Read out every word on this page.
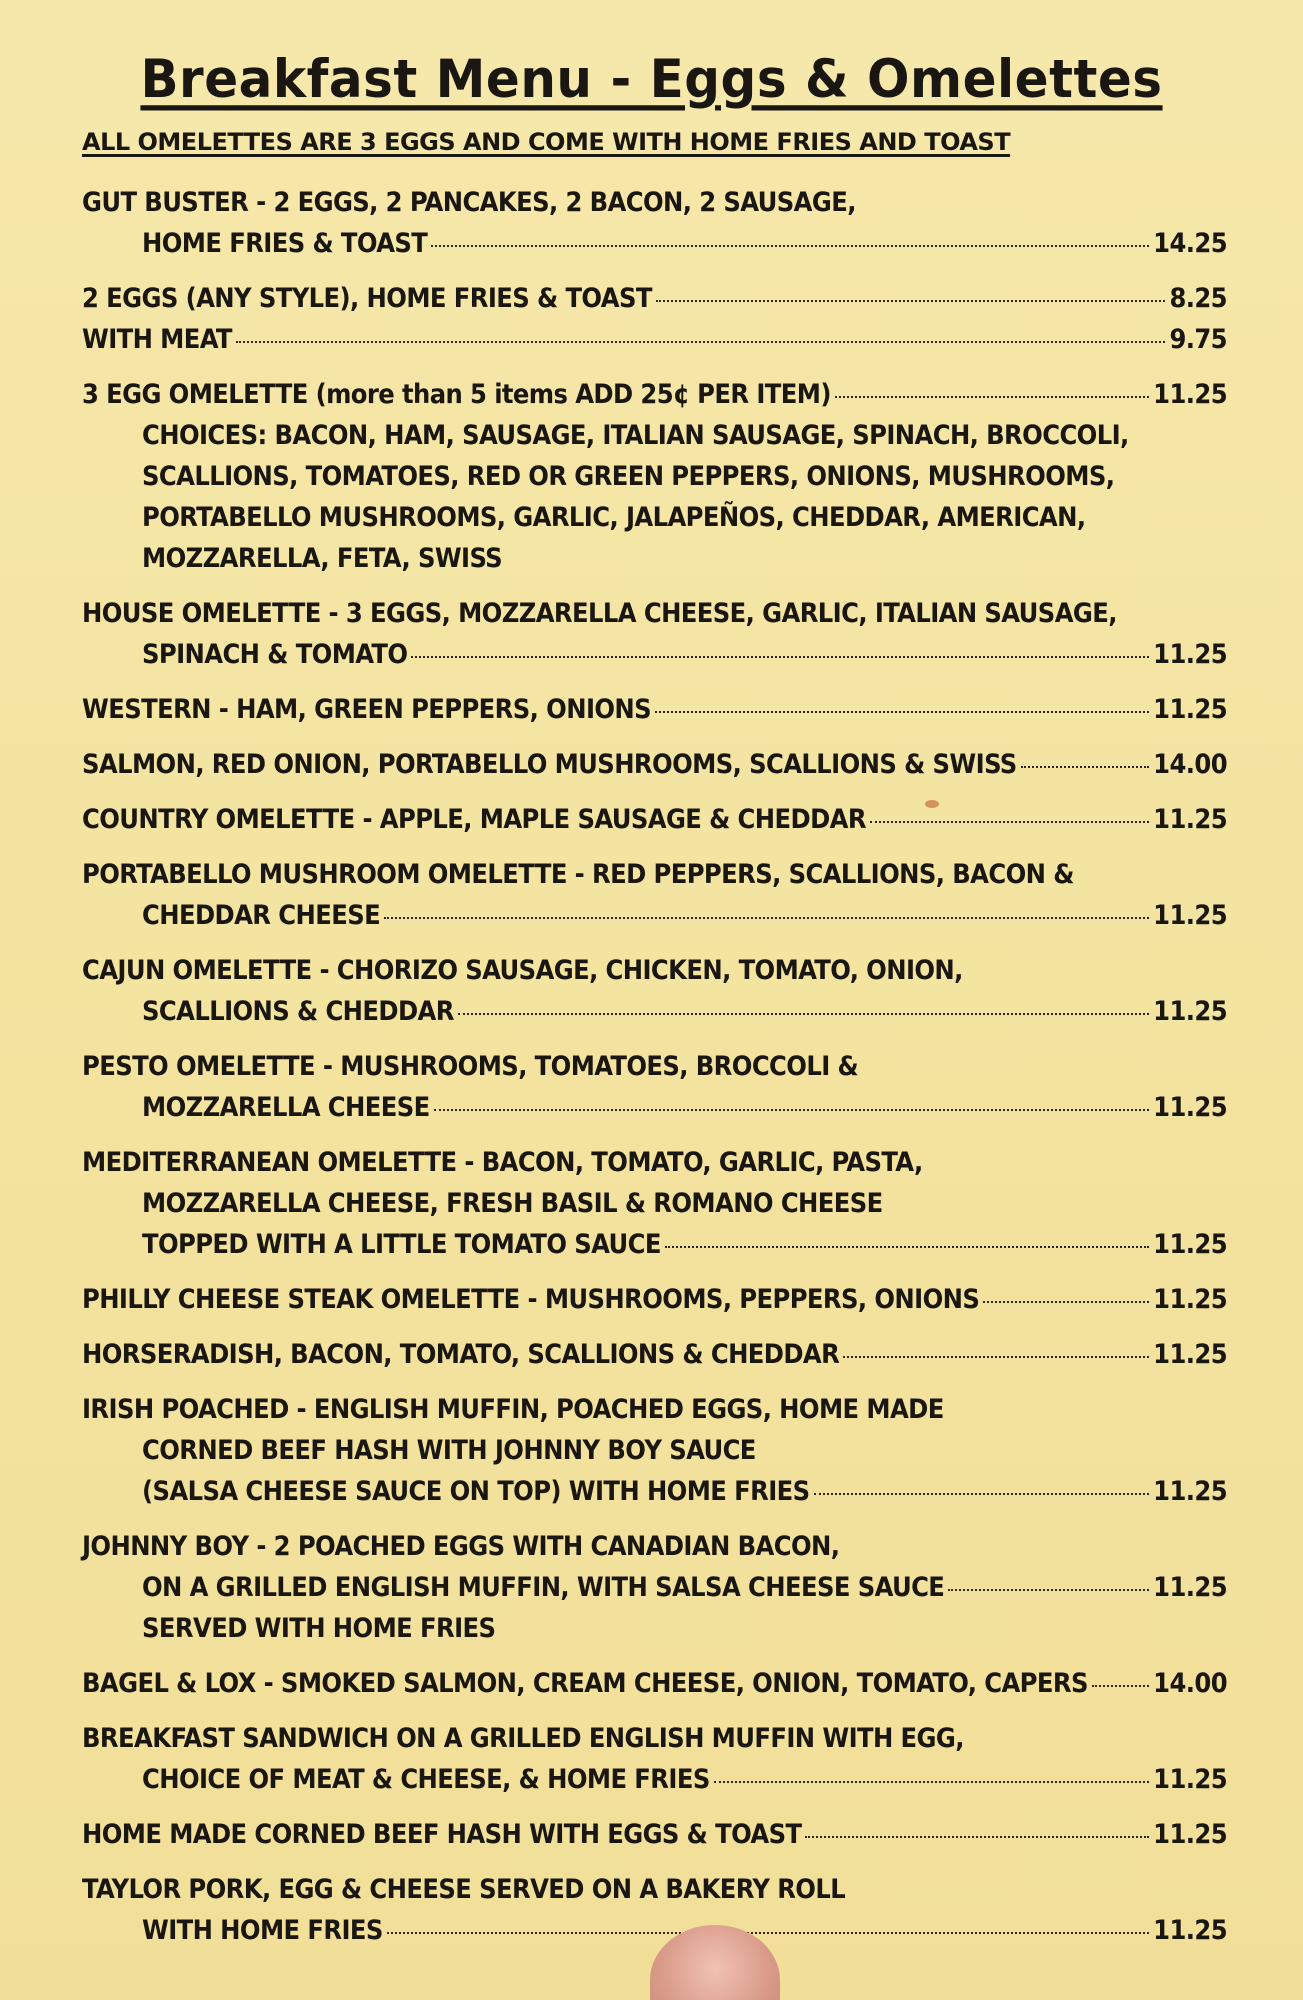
Breakfast Menu - Eggs & Omelettes
ALL OMELETTES ARE 3 EGGS AND COME WITH HOME FRIES AND TOAST
GUT BUSTER - 2 EGGS, 2 PANCAKES, 2 BACON, 2 SAUSAGE,
HOME FRIES & TOAST	14.25
2 EGGS (ANY STYLE), HOME FRIES & TOAST	8.25
WITH MEAT	9.75
3 EGG OMELETTE (more than 5 items ADD 25¢ PER ITEM)	11.25
CHOICES: BACON, HAM, SAUSAGE, ITALIAN SAUSAGE, SPINACH, BROCCOLI,
SCALLIONS, TOMATOES, RED OR GREEN PEPPERS, ONIONS, MUSHROOMS,
PORTABELLO MUSHROOMS, GARLIC, JALAPEÑOS, CHEDDAR, AMERICAN,
MOZZARELLA, FETA, SWISS
HOUSE OMELETTE - 3 EGGS, MOZZARELLA CHEESE, GARLIC, ITALIAN SAUSAGE,
SPINACH & TOMATO	11.25
WESTERN - HAM, GREEN PEPPERS, ONIONS	11.25
SALMON, RED ONION, PORTABELLO MUSHROOMS, SCALLIONS & SWISS	14.00
COUNTRY OMELETTE - APPLE, MAPLE SAUSAGE & CHEDDAR	11.25
PORTABELLO MUSHROOM OMELETTE - RED PEPPERS, SCALLIONS, BACON &
CHEDDAR CHEESE	11.25
CAJUN OMELETTE - CHORIZO SAUSAGE, CHICKEN, TOMATO, ONION,
SCALLIONS & CHEDDAR	11.25
PESTO OMELETTE - MUSHROOMS, TOMATOES, BROCCOLI &
MOZZARELLA CHEESE	11.25
MEDITERRANEAN OMELETTE - BACON, TOMATO, GARLIC, PASTA,
MOZZARELLA CHEESE, FRESH BASIL & ROMANO CHEESE
TOPPED WITH A LITTLE TOMATO SAUCE	11.25
PHILLY CHEESE STEAK OMELETTE - MUSHROOMS, PEPPERS, ONIONS	11.25
HORSERADISH, BACON, TOMATO, SCALLIONS & CHEDDAR	11.25
IRISH POACHED - ENGLISH MUFFIN, POACHED EGGS, HOME MADE
CORNED BEEF HASH WITH JOHNNY BOY SAUCE
(SALSA CHEESE SAUCE ON TOP) WITH HOME FRIES	11.25
JOHNNY BOY - 2 POACHED EGGS WITH CANADIAN BACON,
ON A GRILLED ENGLISH MUFFIN, WITH SALSA CHEESE SAUCE	11.25
SERVED WITH HOME FRIES
BAGEL & LOX - SMOKED SALMON, CREAM CHEESE, ONION, TOMATO, CAPERS 14.00
BREAKFAST SANDWICH ON A GRILLED ENGLISH MUFFIN WITH EGG,
CHOICE OF MEAT & CHEESE, & HOME FRIES	11.25
HOME MADE CORNED BEEF HASH WITH EGGS & TOAST	11.25
TAYLOR PORK, EGG & CHEESE SERVED ON A BAKERY ROLL
WITH HOME FRIES	11.25
